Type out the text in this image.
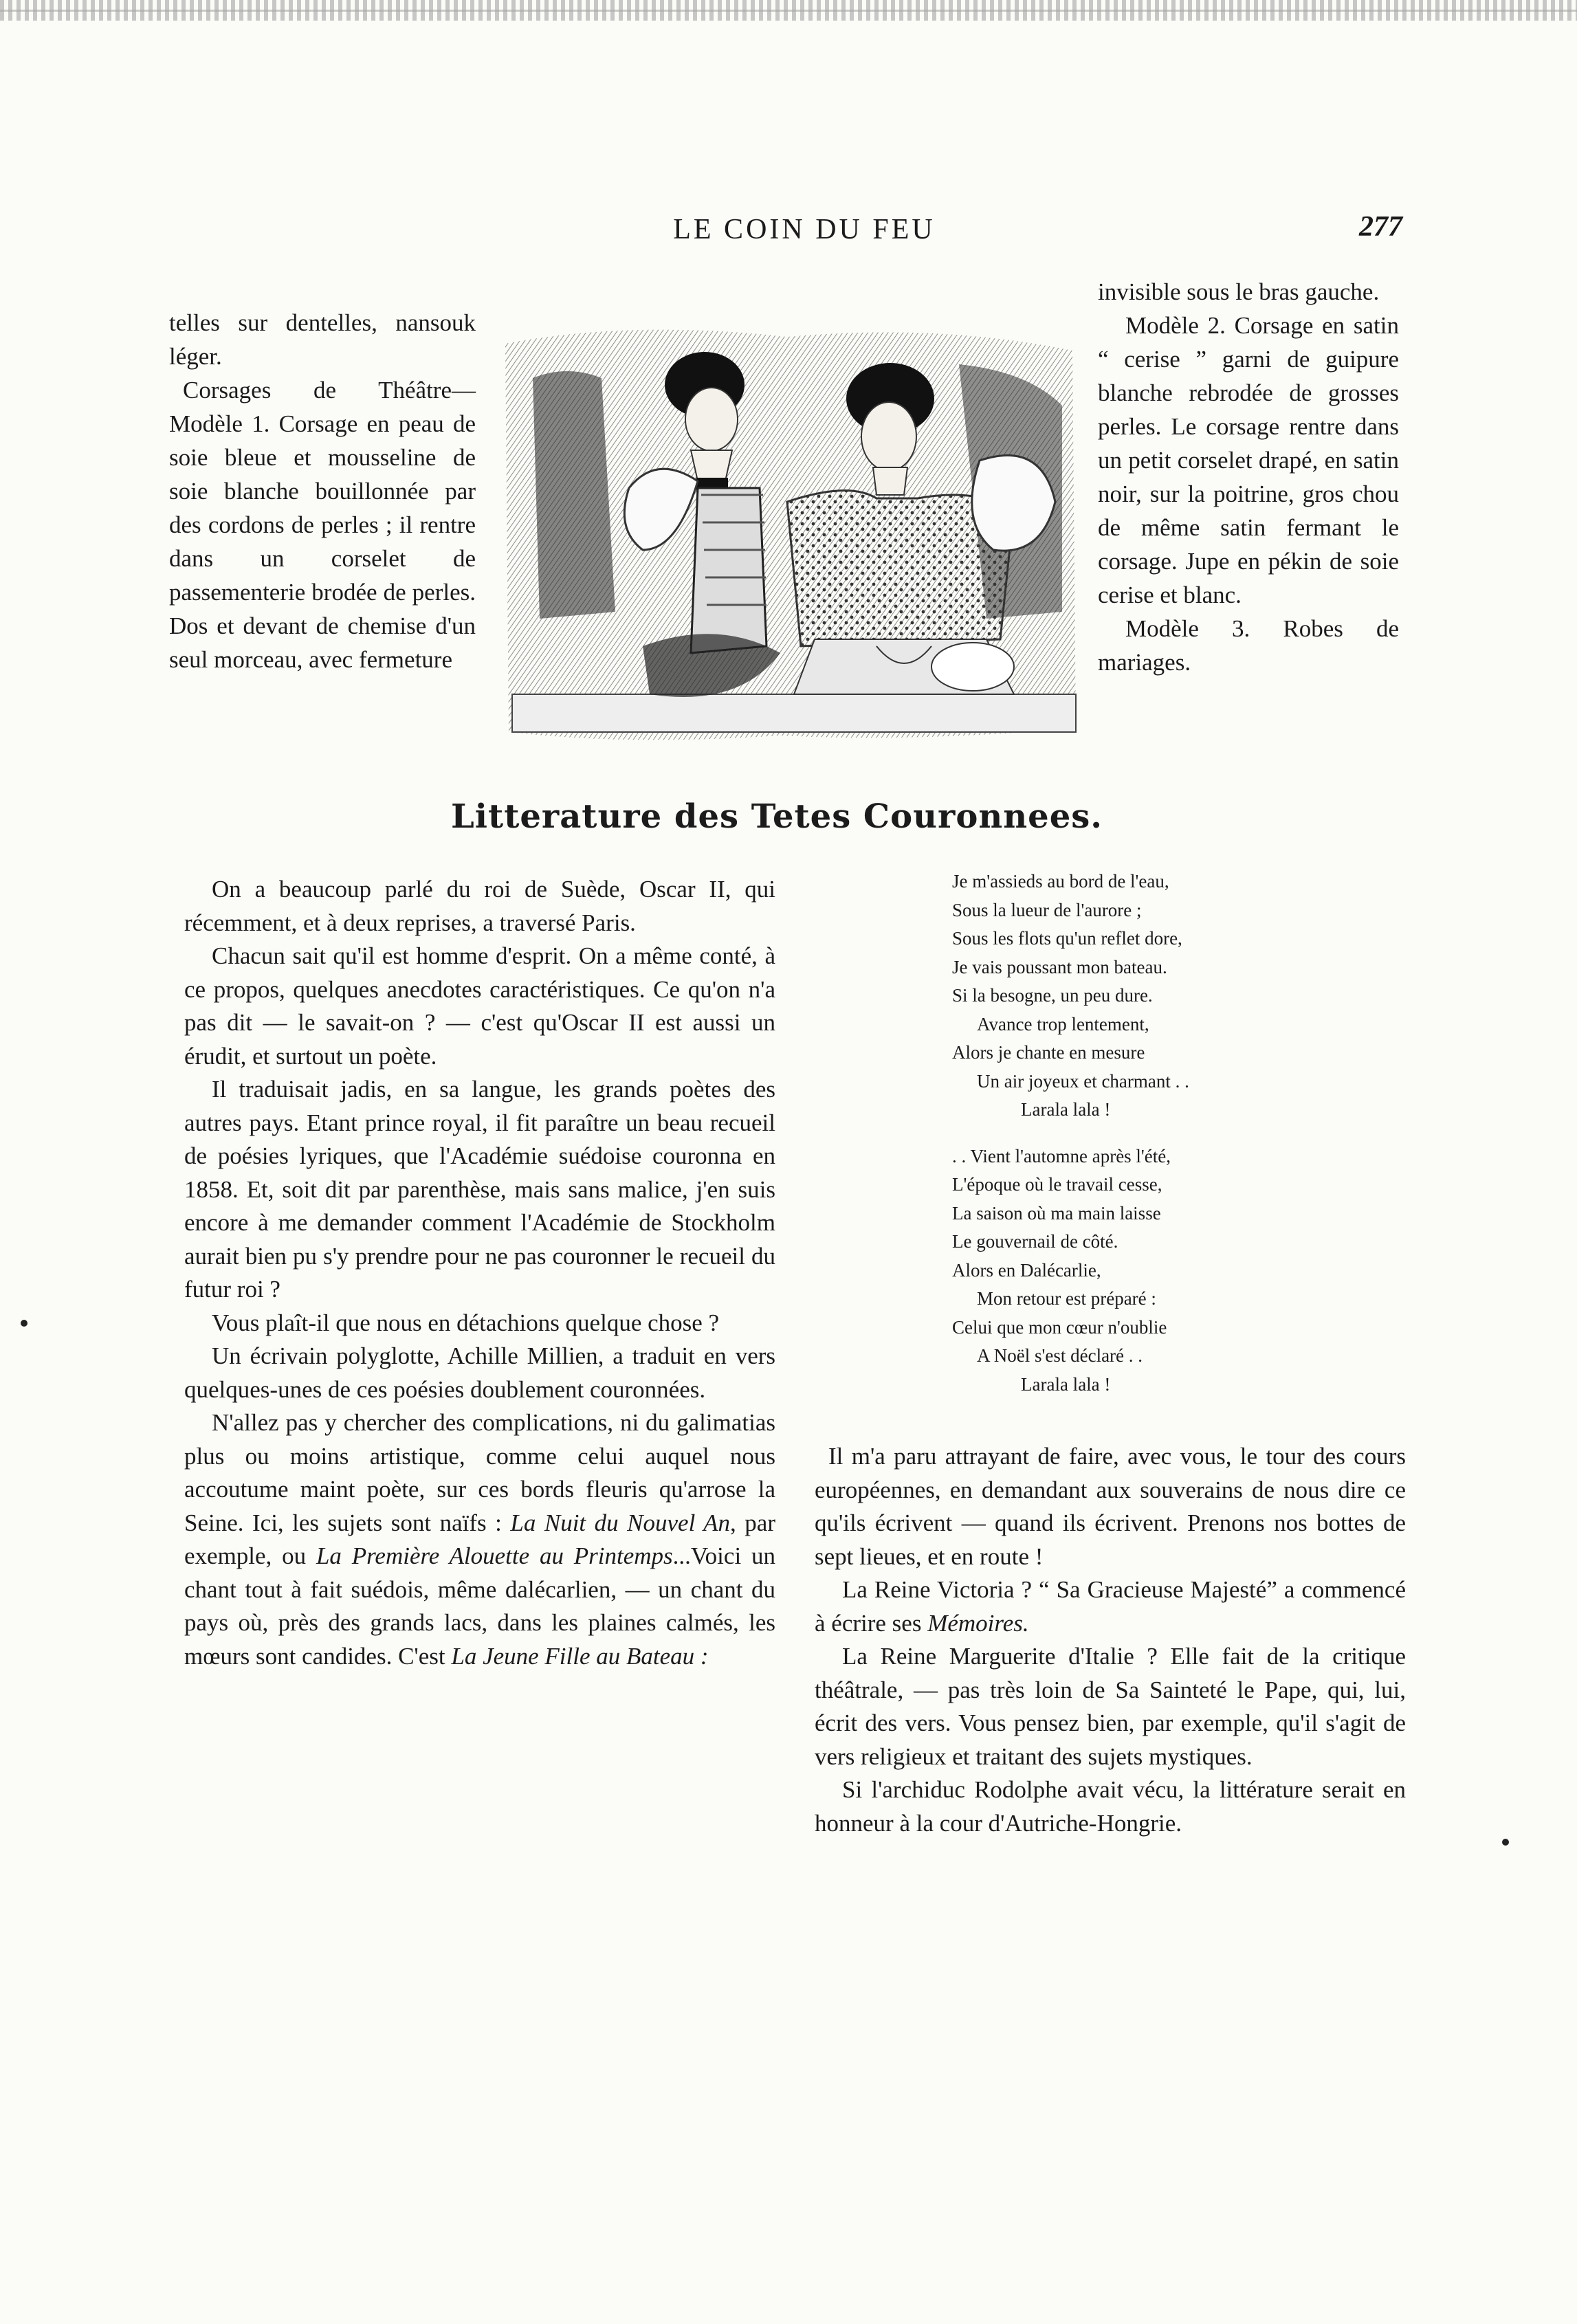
LE COIN DU FEU	277

telles sur dentelles, nansouk léger.

Corsages de Théâtre—Modèle 1. Corsage en peau de soie bleue et mousseline de soie blanche bouillonnée par des cordons de perles ; il rentre dans un corselet de passementerie brodée de perles. Dos et devant de chemise d'un seul morceau, avec fermeture

invisible sous le bras gauche.

Modèle 2. Corsage en satin “ cerise ” garni de guipure blanche rebrodée de grosses perles. Le corsage rentre dans un petit corselet drapé, en satin noir, sur la poitrine, gros chou de même satin fermant le corsage. Jupe en pékin de soie cerise et blanc.

Modèle 3. Robes de mariages.

Litterature des Tetes Couronnees.

On a beaucoup parlé du roi de Suède, Oscar II, qui récemment, et à deux reprises, a traversé Paris.

Chacun sait qu'il est homme d'esprit. On a même conté, à ce propos, quelques anecdotes caractéristiques. Ce qu'on n'a pas dit — le savait-on ? — c'est qu'Oscar II est aussi un érudit, et surtout un poète.

Il traduisait jadis, en sa langue, les grands poètes des autres pays. Etant prince royal, il fit paraître un beau recueil de poésies lyriques, que l'Académie suédoise couronna en 1858. Et, soit dit par parenthèse, mais sans malice, j'en suis encore à me demander comment l'Académie de Stockholm aurait bien pu s'y prendre pour ne pas couronner le recueil du futur roi ?

Vous plaît-il que nous en détachions quelque chose ?

Un écrivain polyglotte, Achille Millien, a traduit en vers quelques-unes de ces poésies doublement couronnées.

N'allez pas y chercher des complications, ni du galimatias plus ou moins artistique, comme celui auquel nous accoutume maint poète, sur ces bords fleuris qu'arrose la Seine. Ici, les sujets sont naïfs : La Nuit du Nouvel An, par exemple, ou La Première Alouette au Printemps...Voici un chant tout à fait suédois, même dalécarlien, — un chant du pays où, près des grands lacs, dans les plaines calmés, les mœurs sont candides. C'est La Jeune Fille au Bateau :

Je m'assieds au bord de l'eau,
Sous la lueur de l'aurore ;
Sous les flots qu'un reflet dore,
Je vais poussant mon bateau.
Si la besogne, un peu dure.
Avance trop lentement,
Alors je chante en mesure
Un air joyeux et charmant . .
Larala lala !
. . Vient l'automne après l'été,
L'époque où le travail cesse,
La saison où ma main laisse
Le gouvernail de côté.
Alors en Dalécarlie,
Mon retour est préparé :
Celui que mon cœur n'oublie
A Noël s'est déclaré . .
Larala lala !

Il m'a paru attrayant de faire, avec vous, le tour des cours européennes, en demandant aux souverains de nous dire ce qu'ils écrivent — quand ils écrivent. Prenons nos bottes de sept lieues, et en route !

La Reine Victoria ? “ Sa Gracieuse Majesté” a commencé à écrire ses Mémoires.

La Reine Marguerite d'Italie ? Elle fait de la critique théâtrale, — pas très loin de Sa Sainteté le Pape, qui, lui, écrit des vers. Vous pensez bien, par exemple, qu'il s'agit de vers religieux et traitant des sujets mystiques.

Si l'archiduc Rodolphe avait vécu, la littérature serait en honneur à la cour d'Autriche-Hongrie.
